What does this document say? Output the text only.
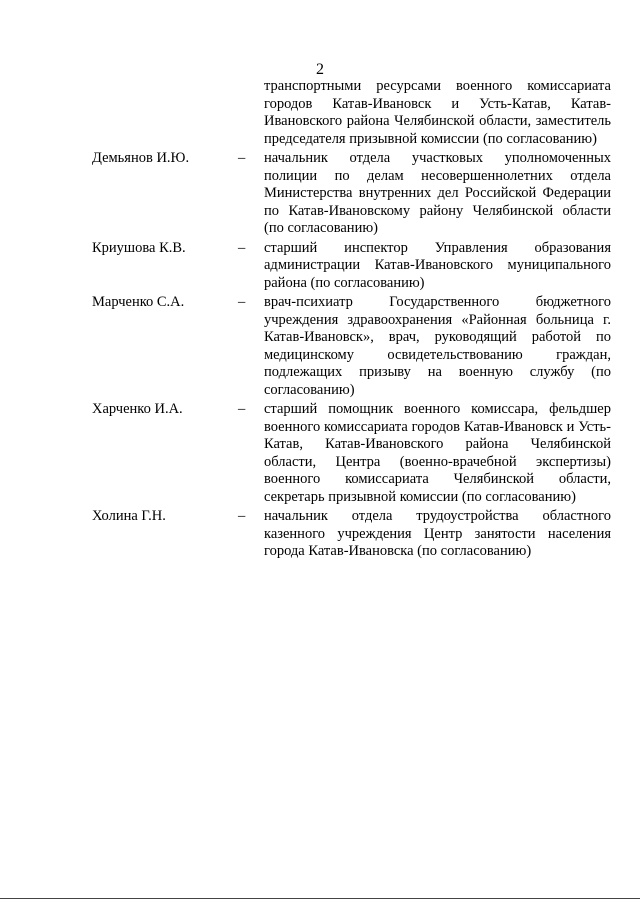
2
транспортными ресурсами военного комиссариата городов Катав-Ивановск и Усть-Катав, Катав-Ивановского района Челябинской области, заместитель председателя призывной комиссии (по согласованию)
Демьянов И.Ю.	– начальник отдела участковых уполномоченных полиции по делам несовершеннолетних отдела Министерства внутренних дел Российской Федерации по Катав-Ивановскому району Челябинской области (по согласованию)
Криушова К.В.	– старший инспектор Управления образования администрации Катав-Ивановского муниципального района (по согласованию)
Марченко С.А.	– врач-психиатр Государственного бюджетного учреждения здравоохранения «Районная больница г. Катав-Ивановск», врач, руководящий работой по медицинскому освидетельствованию граждан, подлежащих призыву на военную службу (по согласованию)
Харченко И.А.	– старший помощник военного комиссара, фельдшер военного комиссариата городов Катав-Ивановск и Усть-Катав, Катав-Ивановского района Челябинской области, Центра (военно-врачебной экспертизы) военного комиссариата Челябинской области, секретарь призывной комиссии (по согласованию)
Холина Г.Н.	– начальник отдела трудоустройства областного казенного учреждения Центр занятости населения города Катав-Ивановска (по согласованию)
